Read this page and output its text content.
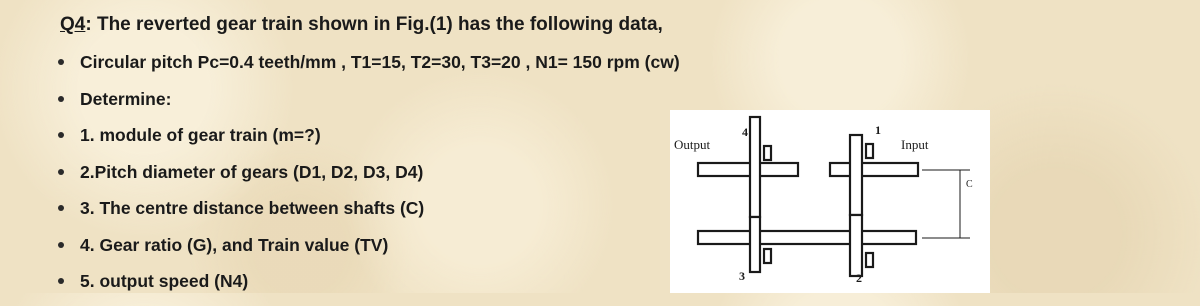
Q4: The reverted gear train shown in Fig.(1) has the following data,
Circular pitch Pc=0.4 teeth/mm , T1=15, T2=30, T3=20 , N1= 150 rpm (cw)
Determine:
1. module of gear train (m=?)
2.Pitch diameter of gears (D1, D2, D3, D4)
3. The centre distance between shafts (C)
4. Gear ratio (G), and Train value (TV)
5. output speed (N4)
Output	Input
4	1
3	2
C
